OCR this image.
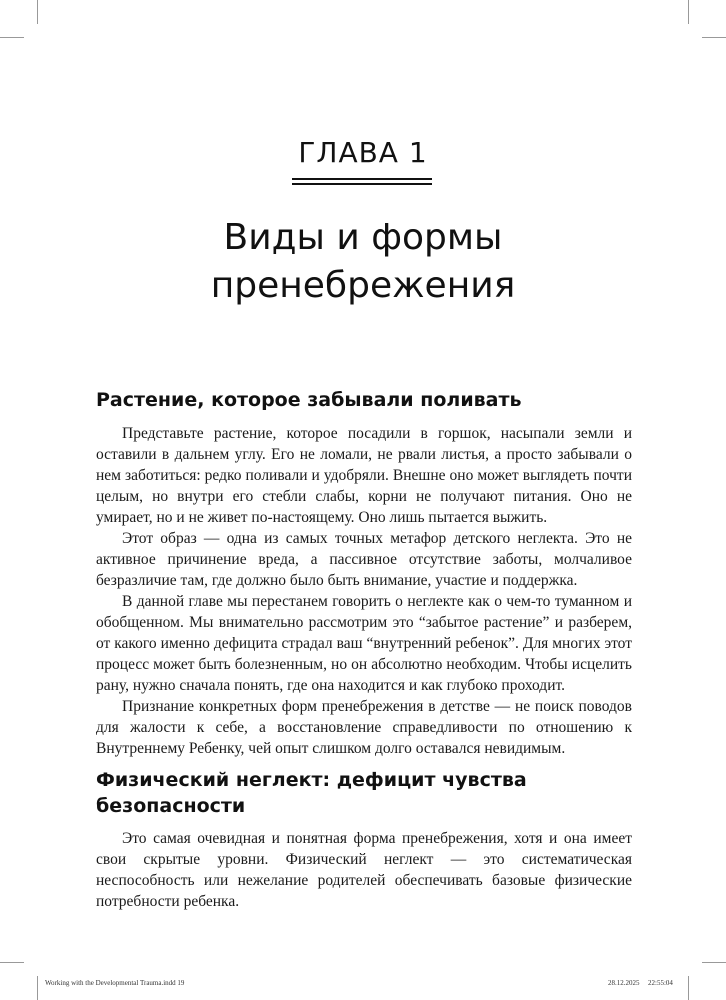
ГЛАВА 1
Виды и формы
пренебрежения
Растение, которое забывали поливать

Представьте растение, которое посадили в горшок, насыпали земли и оставили в дальнем углу. Его не ломали, не рвали листья, а просто забывали о нем заботиться: редко поливали и удобряли. Внешне оно может выглядеть почти целым, но внутри его стебли слабы, корни не получают питания. Оно не умирает, но и не живет по-настоящему. Оно лишь пытается выжить.

Этот образ — одна из самых точных метафор детского неглекта. Это не активное причинение вреда, а пассивное отсутствие заботы, молчаливое безразличие там, где должно было быть внимание, участие и поддержка.

В данной главе мы перестанем говорить о неглекте как о чем-то туманном и обобщенном. Мы внимательно рассмотрим это “забытое растение” и разберем, от какого именно дефицита страдал ваш “внутренний ребенок”. Для многих этот процесс может быть болезненным, но он абсолютно необходим. Чтобы исцелить рану, нужно сначала понять, где она находится и как глубоко проходит.

Признание конкретных форм пренебрежения в детстве — не поиск поводов для жалости к себе, а восстановление справедливости по отношению к Внутреннему Ребенку, чей опыт слишком долго оставался невидимым.

Физический неглект: дефицит чувства
безопасности

Это самая очевидная и понятная форма пренебрежения, хотя и она имеет свои скрытые уровни. Физический неглект — это систематическая неспособность или нежелание родителей обеспечивать базовые физические потребности ребенка.

Working with the Developmental Trauma.indd 19	28.12.2025 22:55:04
